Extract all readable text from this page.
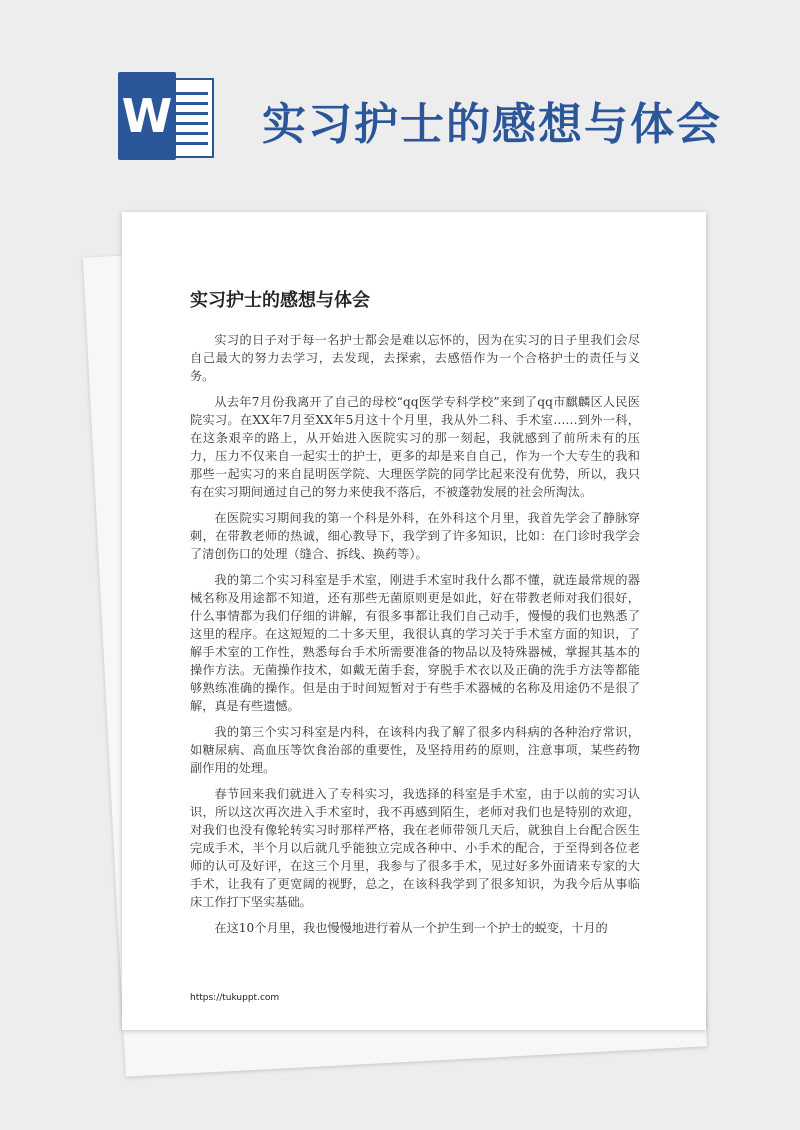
W 实习护士的感想与体会
实习护士的感想与体会

实习的日子对于每一名护士都会是难以忘怀的，因为在实习的日子里我们会尽自己最大的努力去学习，去发现，去探索，去感悟作为一个合格护士的责任与义务。

从去年7月份我离开了自己的母校“qq医学专科学校”来到了qq市麒麟区人民医院实习。在XX年7月至XX年5月这十个月里，我从外二科、手术室……到外一科，在这条艰辛的路上，从开始进入医院实习的那一刻起，我就感到了前所未有的压力，压力不仅来自一起实士的护士，更多的却是来自自己，作为一个大专生的我和那些一起实习的来自昆明医学院、大理医学院的同学比起来没有优势，所以，我只有在实习期间通过自己的努力来使我不落后，不被蓬勃发展的社会所淘汰。

在医院实习期间我的第一个科是外科，在外科这个月里，我首先学会了静脉穿刺，在带教老师的热诚，细心教导下，我学到了许多知识，比如：在门诊时我学会了清创伤口的处理（缝合、拆线、换药等）。

我的第二个实习科室是手术室，刚进手术室时我什么都不懂，就连最常规的器械名称及用途都不知道，还有那些无菌原则更是如此，好在带教老师对我们很好，什么事情都为我们仔细的讲解，有很多事都让我们自己动手，慢慢的我们也熟悉了这里的程序。在这短短的二十多天里，我很认真的学习关于手术室方面的知识，了解手术室的工作性，熟悉每台手术所需要准备的物品以及特殊器械，掌握其基本的操作方法。无菌操作技术，如戴无菌手套，穿脱手术衣以及正确的洗手方法等都能够熟练准确的操作。但是由于时间短暂对于有些手术器械的名称及用途仍不是很了解，真是有些遗憾。

我的第三个实习科室是内科，在该科内我了解了很多内科病的各种治疗常识，如糖尿病、高血压等饮食治部的重要性，及坚持用药的原则，注意事项，某些药物副作用的处理。

春节回来我们就进入了专科实习，我选择的科室是手术室，由于以前的实习认识，所以这次再次进入手术室时，我不再感到陌生，老师对我们也是特别的欢迎，对我们也没有像轮转实习时那样严格，我在老师带领几天后，就独自上台配合医生完成手术，半个月以后就几乎能独立完成各种中、小手术的配合，于至得到各位老师的认可及好评，在这三个月里，我参与了很多手术，见过好多外面请来专家的大手术，让我有了更宽阔的视野，总之，在该科我学到了很多知识，为我今后从事临床工作打下坚实基础。

在这10个月里，我也慢慢地进行着从一个护生到一个护士的蜕变，十月的

https://tukuppt.com
